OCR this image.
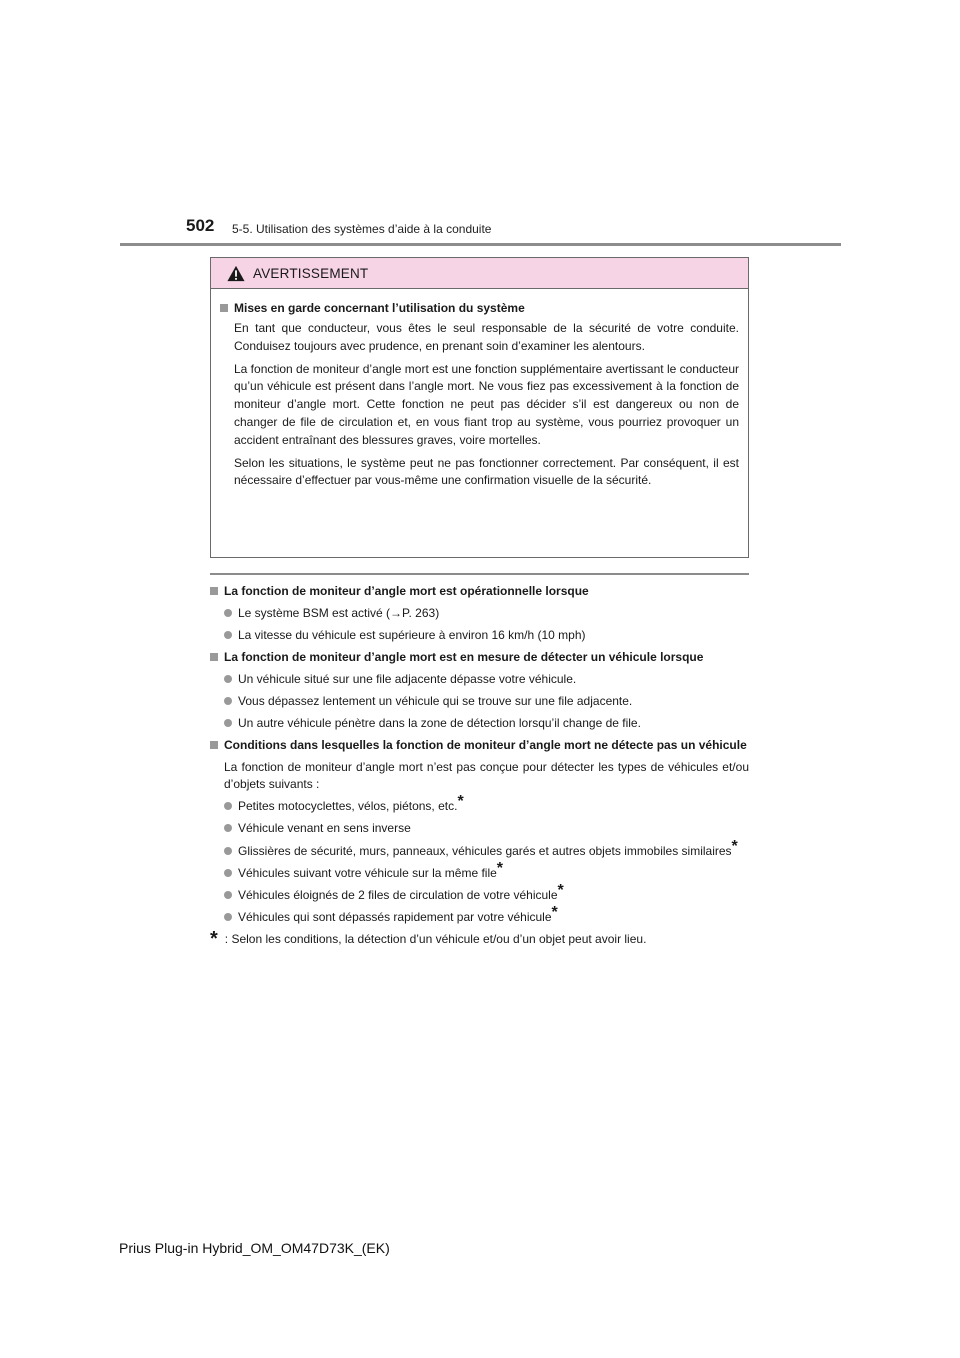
502 5-5. Utilisation des systèmes d’aide à la conduite
AVERTISSEMENT
Mises en garde concernant l’utilisation du système

En tant que conducteur, vous êtes le seul responsable de la sécurité de votre conduite. Conduisez toujours avec prudence, en prenant soin d’examiner les alentours.

La fonction de moniteur d’angle mort est une fonction supplémentaire avertissant le conducteur qu’un véhicule est présent dans l’angle mort. Ne vous fiez pas excessivement à la fonction de moniteur d’angle mort. Cette fonction ne peut pas décider s’il est dangereux ou non de changer de file de circulation et, en vous fiant trop au système, vous pourriez provoquer un accident entraînant des blessures graves, voire mortelles.

Selon les situations, le système peut ne pas fonctionner correctement. Par conséquent, il est nécessaire d’effectuer par vous-même une confirmation visuelle de la sécurité.

La fonction de moniteur d’angle mort est opérationnelle lorsque
Le système BSM est activé (→P. 263)
La vitesse du véhicule est supérieure à environ 16 km/h (10 mph)
La fonction de moniteur d’angle mort est en mesure de détecter un véhicule lorsque
Un véhicule situé sur une file adjacente dépasse votre véhicule.
Vous dépassez lentement un véhicule qui se trouve sur une file adjacente.
Un autre véhicule pénètre dans la zone de détection lorsqu’il change de file.
Conditions dans lesquelles la fonction de moniteur d’angle mort ne détecte pas un véhicule

La fonction de moniteur d’angle mort n’est pas conçue pour détecter les types de véhicules et/ou d’objets suivants :

Petites motocyclettes, vélos, piétons, etc.*
Véhicule venant en sens inverse
Glissières de sécurité, murs, panneaux, véhicules garés et autres objets immobiles similaires*
Véhicules suivant votre véhicule sur la même file*
Véhicules éloignés de 2 files de circulation de votre véhicule*
Véhicules qui sont dépassés rapidement par votre véhicule*
* : Selon les conditions, la détection d’un véhicule et/ou d’un objet peut avoir lieu.
Prius Plug-in Hybrid_OM_OM47D73K_(EK)
